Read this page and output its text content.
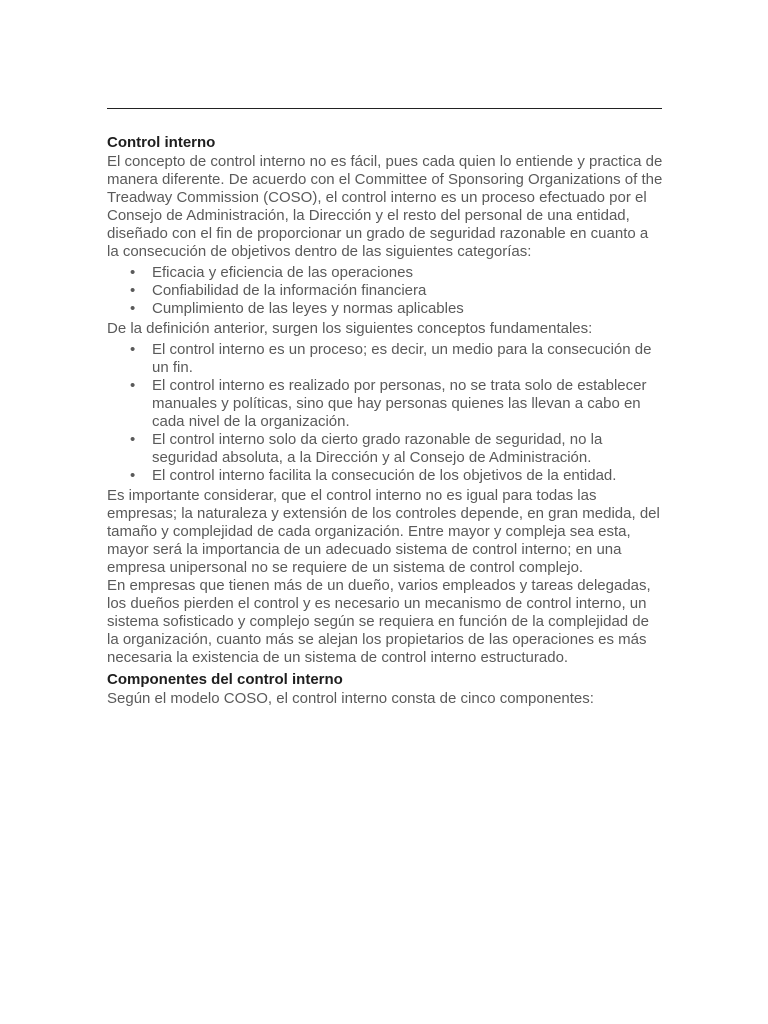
Control interno

El concepto de control interno no es fácil, pues cada quien lo entiende y practica de manera diferente. De acuerdo con el Committee of Sponsoring Organizations of the Treadway Commission (COSO), el control interno es un proceso efectuado por el Consejo de Administración, la Dirección y el resto del personal de una entidad, diseñado con el fin de proporcionar un grado de seguridad razonable en cuanto a la consecución de objetivos dentro de las siguientes categorías:

• Eficacia y eficiencia de las operaciones
• Confiabilidad de la información financiera
• Cumplimiento de las leyes y normas aplicables

De la definición anterior, surgen los siguientes conceptos fundamentales:

• El control interno es un proceso; es decir, un medio para la consecución de un fin.
• El control interno es realizado por personas, no se trata solo de establecer manuales y políticas, sino que hay personas quienes las llevan a cabo en cada nivel de la organización.
• El control interno solo da cierto grado razonable de seguridad, no la seguridad absoluta, a la Dirección y al Consejo de Administración.
• El control interno facilita la consecución de los objetivos de la entidad.

Es importante considerar, que el control interno no es igual para todas las empresas; la naturaleza y extensión de los controles depende, en gran medida, del tamaño y complejidad de cada organización. Entre mayor y compleja sea esta, mayor será la importancia de un adecuado sistema de control interno; en una empresa unipersonal no se requiere de un sistema de control complejo.

En empresas que tienen más de un dueño, varios empleados y tareas delegadas, los dueños pierden el control y es necesario un mecanismo de control interno, un sistema sofisticado y complejo según se requiera en función de la complejidad de la organización, cuanto más se alejan los propietarios de las operaciones es más necesaria la existencia de un sistema de control interno estructurado.

Componentes del control interno

Según el modelo COSO, el control interno consta de cinco componentes:
